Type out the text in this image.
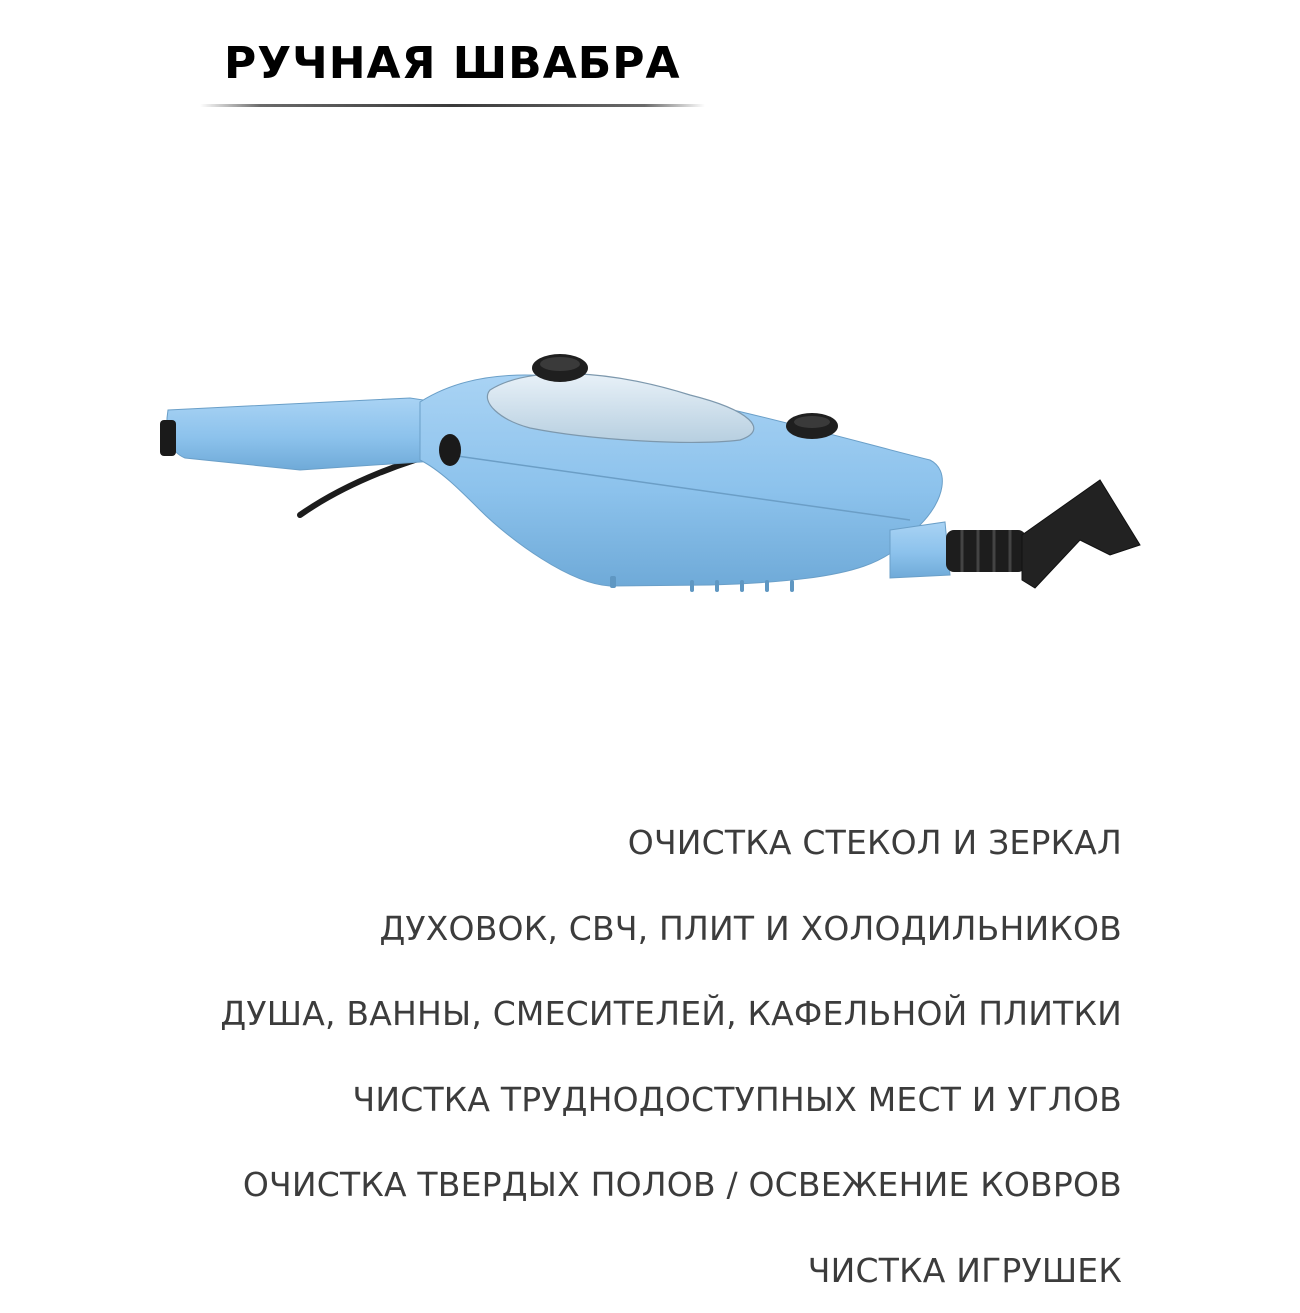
РУЧНАЯ ШВАБРА
ОЧИСТКА СТЕКОЛ И ЗЕРКАЛ
ДУХОВОК, СВЧ, ПЛИТ И ХОЛОДИЛЬНИКОВ
ДУША, ВАННЫ, СМЕСИТЕЛЕЙ, КАФЕЛЬНОЙ ПЛИТКИ
ЧИСТКА ТРУДНОДОСТУПНЫХ МЕСТ И УГЛОВ
ОЧИСТКА ТВЕРДЫХ ПОЛОВ / ОСВЕЖЕНИЕ КОВРОВ
ЧИСТКА ИГРУШЕК
